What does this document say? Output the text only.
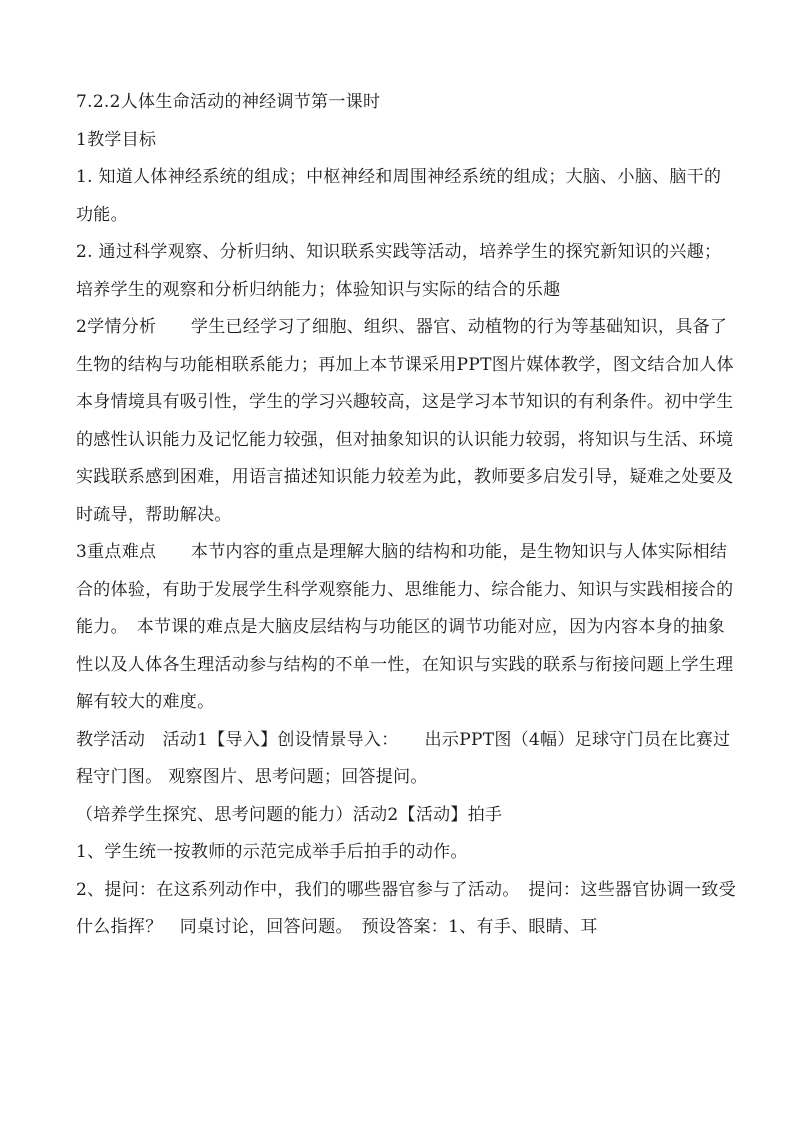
7.2.2人体生命活动的神经调节第一课时

1教学目标

1. 知道人体神经系统的组成；中枢神经和周围神经系统的组成；大脑、小脑、脑干的功能。

2. 通过科学观察、分析归纳、知识联系实践等活动，培养学生的探究新知识的兴趣；培养学生的观察和分析归纳能力；体验知识与实际的结合的乐趣

2学情分析　　学生已经学习了细胞、组织、器官、动植物的行为等基础知识，具备了生物的结构与功能相联系能力；再加上本节课采用PPT图片媒体教学，图文结合加人体本身情境具有吸引性，学生的学习兴趣较高，这是学习本节知识的有利条件。初中学生的感性认识能力及记忆能力较强，但对抽象知识的认识能力较弱，将知识与生活、环境实践联系感到困难，用语言描述知识能力较差为此，教师要多启发引导，疑难之处要及时疏导，帮助解决。

3重点难点　　本节内容的重点是理解大脑的结构和功能，是生物知识与人体实际相结合的体验，有助于发展学生科学观察能力、思维能力、综合能力、知识与实践相接合的能力。　本节课的难点是大脑皮层结构与功能区的调节功能对应，因为内容本身的抽象性以及人体各生理活动参与结构的不单一性，在知识与实践的联系与衔接问题上学生理解有较大的难度。

教学活动　活动1【导入】创设情景导入：　　出示PPT图（4幅）足球守门员在比赛过程守门图。 观察图片、思考问题；回答提问。

（培养学生探究、思考问题的能力）活动2【活动】拍手

1、学生统一按教师的示范完成举手后拍手的动作。

2、提问：在这系列动作中，我们的哪些器官参与了活动。　提问：这些器官协调一致受什么指挥？　同桌讨论，回答问题。　预设答案：1、有手、眼睛、耳
